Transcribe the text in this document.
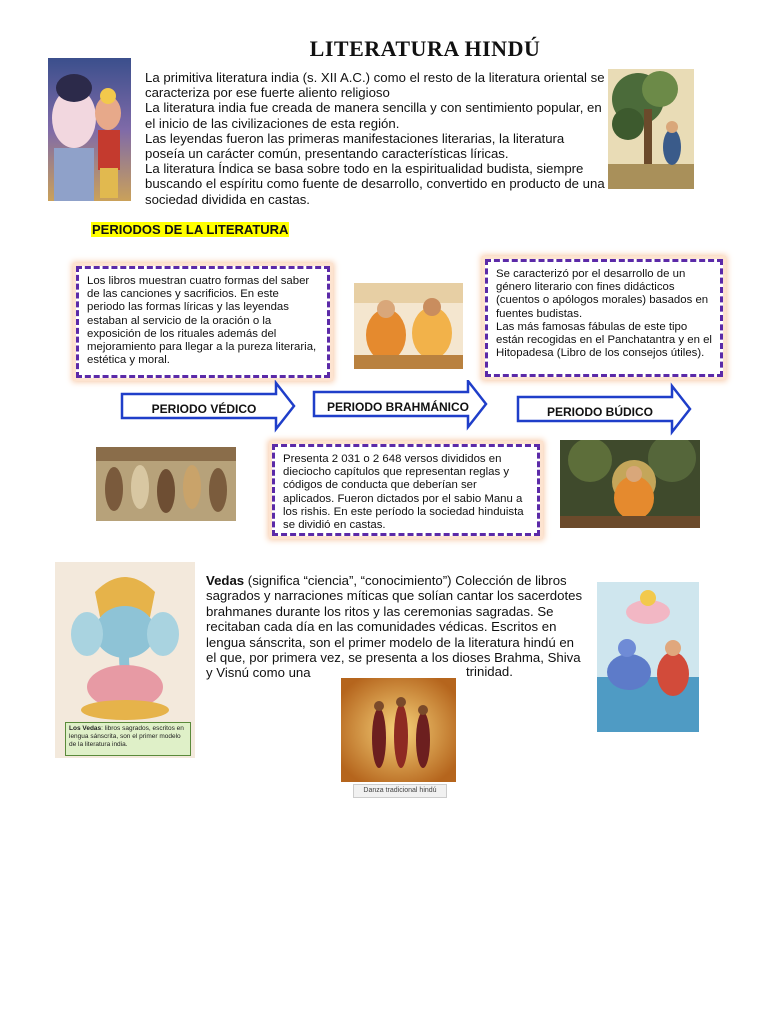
LITERATURA HINDÚ

La primitiva literatura india (s. XII A.C.) como el resto de la literatura oriental se caracteriza por ese fuerte aliento religioso

La literatura india fue creada de manera sencilla y con sentimiento popular, en el inicio de las civilizaciones de esta región.

Las leyendas fueron las primeras manifestaciones literarias, la literatura poseía un carácter común, presentando características líricas.

La literatura Índica se basa sobre todo en la espiritualidad budista, siempre buscando el espíritu como fuente de desarrollo, convertido en producto de una sociedad dividida en castas.

PERIODOS DE LA LITERATURA

Los libros muestran cuatro formas del saber de las canciones y sacrificios. En este periodo las formas líricas y las leyendas estaban al servicio de la oración o la exposición de los rituales además del mejoramiento para llegar a la pureza literaria, estética y moral.

Se caracterizó por el desarrollo de un género literario con fines didácticos (cuentos o apólogos morales) basados en fuentes budistas.

Las más famosas fábulas de este tipo están recogidas en el Panchatantra y en el Hitopadesa (Libro de los consejos útiles).

PERIODO VÉDICO	PERIODO BRAHMÁNICO	PERIODO BÚDICO

Presenta 2 031 o 2 648 versos divididos en dieciocho capítulos que representan reglas y códigos de conducta que deberían ser aplicados. Fueron dictados por el sabio Manu a los rishis. En este período la sociedad hinduista se dividió en castas.

Los Vedas: libros sagrados, escritos en lengua sánscrita, son el primer modelo de la literatura india.
Vedas (significa “ciencia”, “conocimiento”) Colección de libros sagrados y narraciones míticas que solían cantar los sacerdotes brahmanes durante los ritos y las ceremonias sagradas. Se recitaban cada día en las comunidades védicas. Escritos en lengua sánscrita, son el primer modelo de la literatura hindú en el que, por primera vez, se presenta a los dioses Brahma, Shiva y Visnú como una	trinidad.
Danza tradicional hindú
